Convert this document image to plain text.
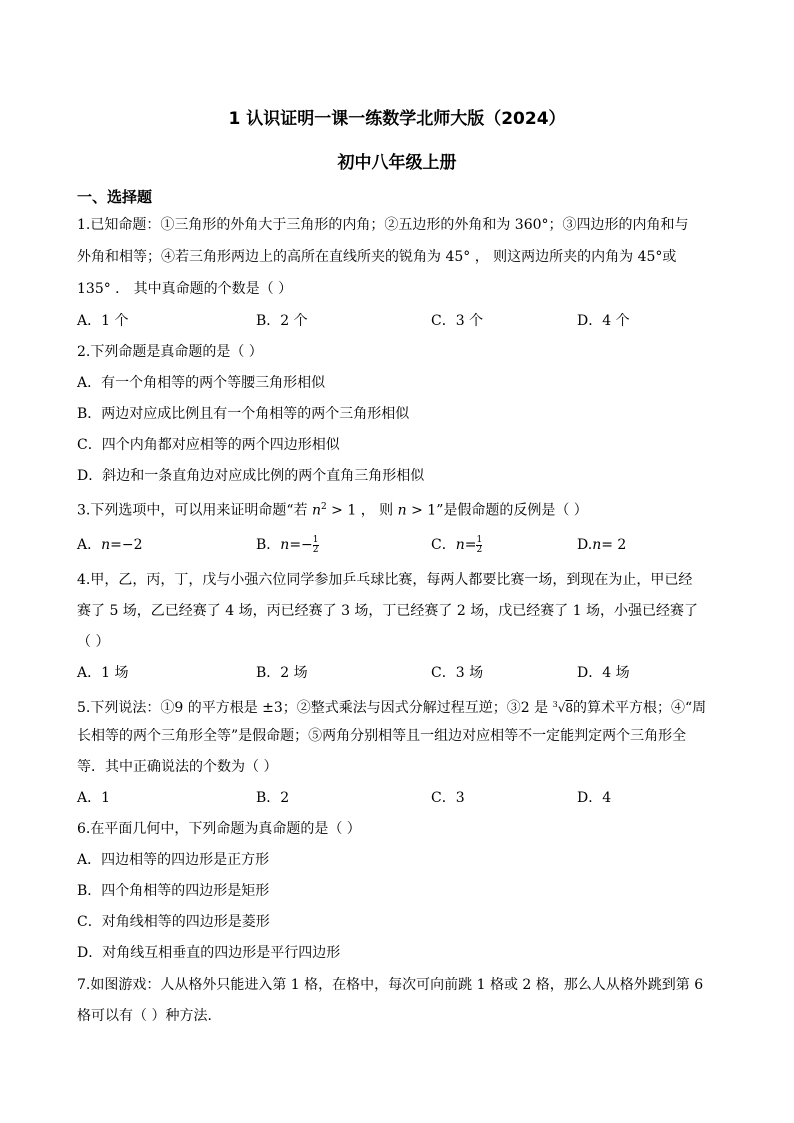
1 认识证明一课一练数学北师大版（2024）
初中八年级上册
一、选择题
1.已知命题：①三角形的外角大于三角形的内角；②五边形的外角和为 360°；③四边形的内角和与
外角和相等；④若三角形两边上的高所在直线所夹的锐角为 45° ， 则这两边所夹的内角为 45°或
135° ． 其中真命题的个数是（ ）
A．1 个	B．2 个	C．3 个	D．4 个
2.下列命题是真命题的是（ ）
A．有一个角相等的两个等腰三角形相似
B．两边对应成比例且有一个角相等的两个三角形相似
C．四个内角都对应相等的两个四边形相似
D．斜边和一条直角边对应成比例的两个直角三角形相似
3.下列选项中，可以用来证明命题“若 $n^2 > 1$ ， 则 n > 1”是假命题的反例是（ ）
A．n=−2	B．$n=- \frac{1}{2}$	C．$n= \frac{1}{2}$	D.n= 2
4.甲，乙，丙，丁，戊与小强六位同学参加乒乓球比赛，每两人都要比赛一场，到现在为止，甲已经
赛了 5 场，乙已经赛了 4 场，丙已经赛了 3 场，丁已经赛了 2 场，戊已经赛了 1 场，小强已经赛了
（ ）
A．1 场	B．2 场	C．3 场	D．4 场
5.下列说法：①9 的平方根是 ±3；②整式乘法与因式分解过程互逆；③2 是 $^3$√8的算术平方根；④“周
长相等的两个三角形全等”是假命题；⑤两角分别相等且一组边对应相等不一定能判定两个三角形全
等．其中正确说法的个数为（ ）
A．1	B．2	C．3	D．4
6.在平面几何中，下列命题为真命题的是（ ）
A．四边相等的四边形是正方形
B．四个角相等的四边形是矩形
C．对角线相等的四边形是菱形
D．对角线互相垂直的四边形是平行四边形
7.如图游戏：人从格外只能进入第 1 格，在格中，每次可向前跳 1 格或 2 格，那么人从格外跳到第 6
格可以有（ ）种方法．
